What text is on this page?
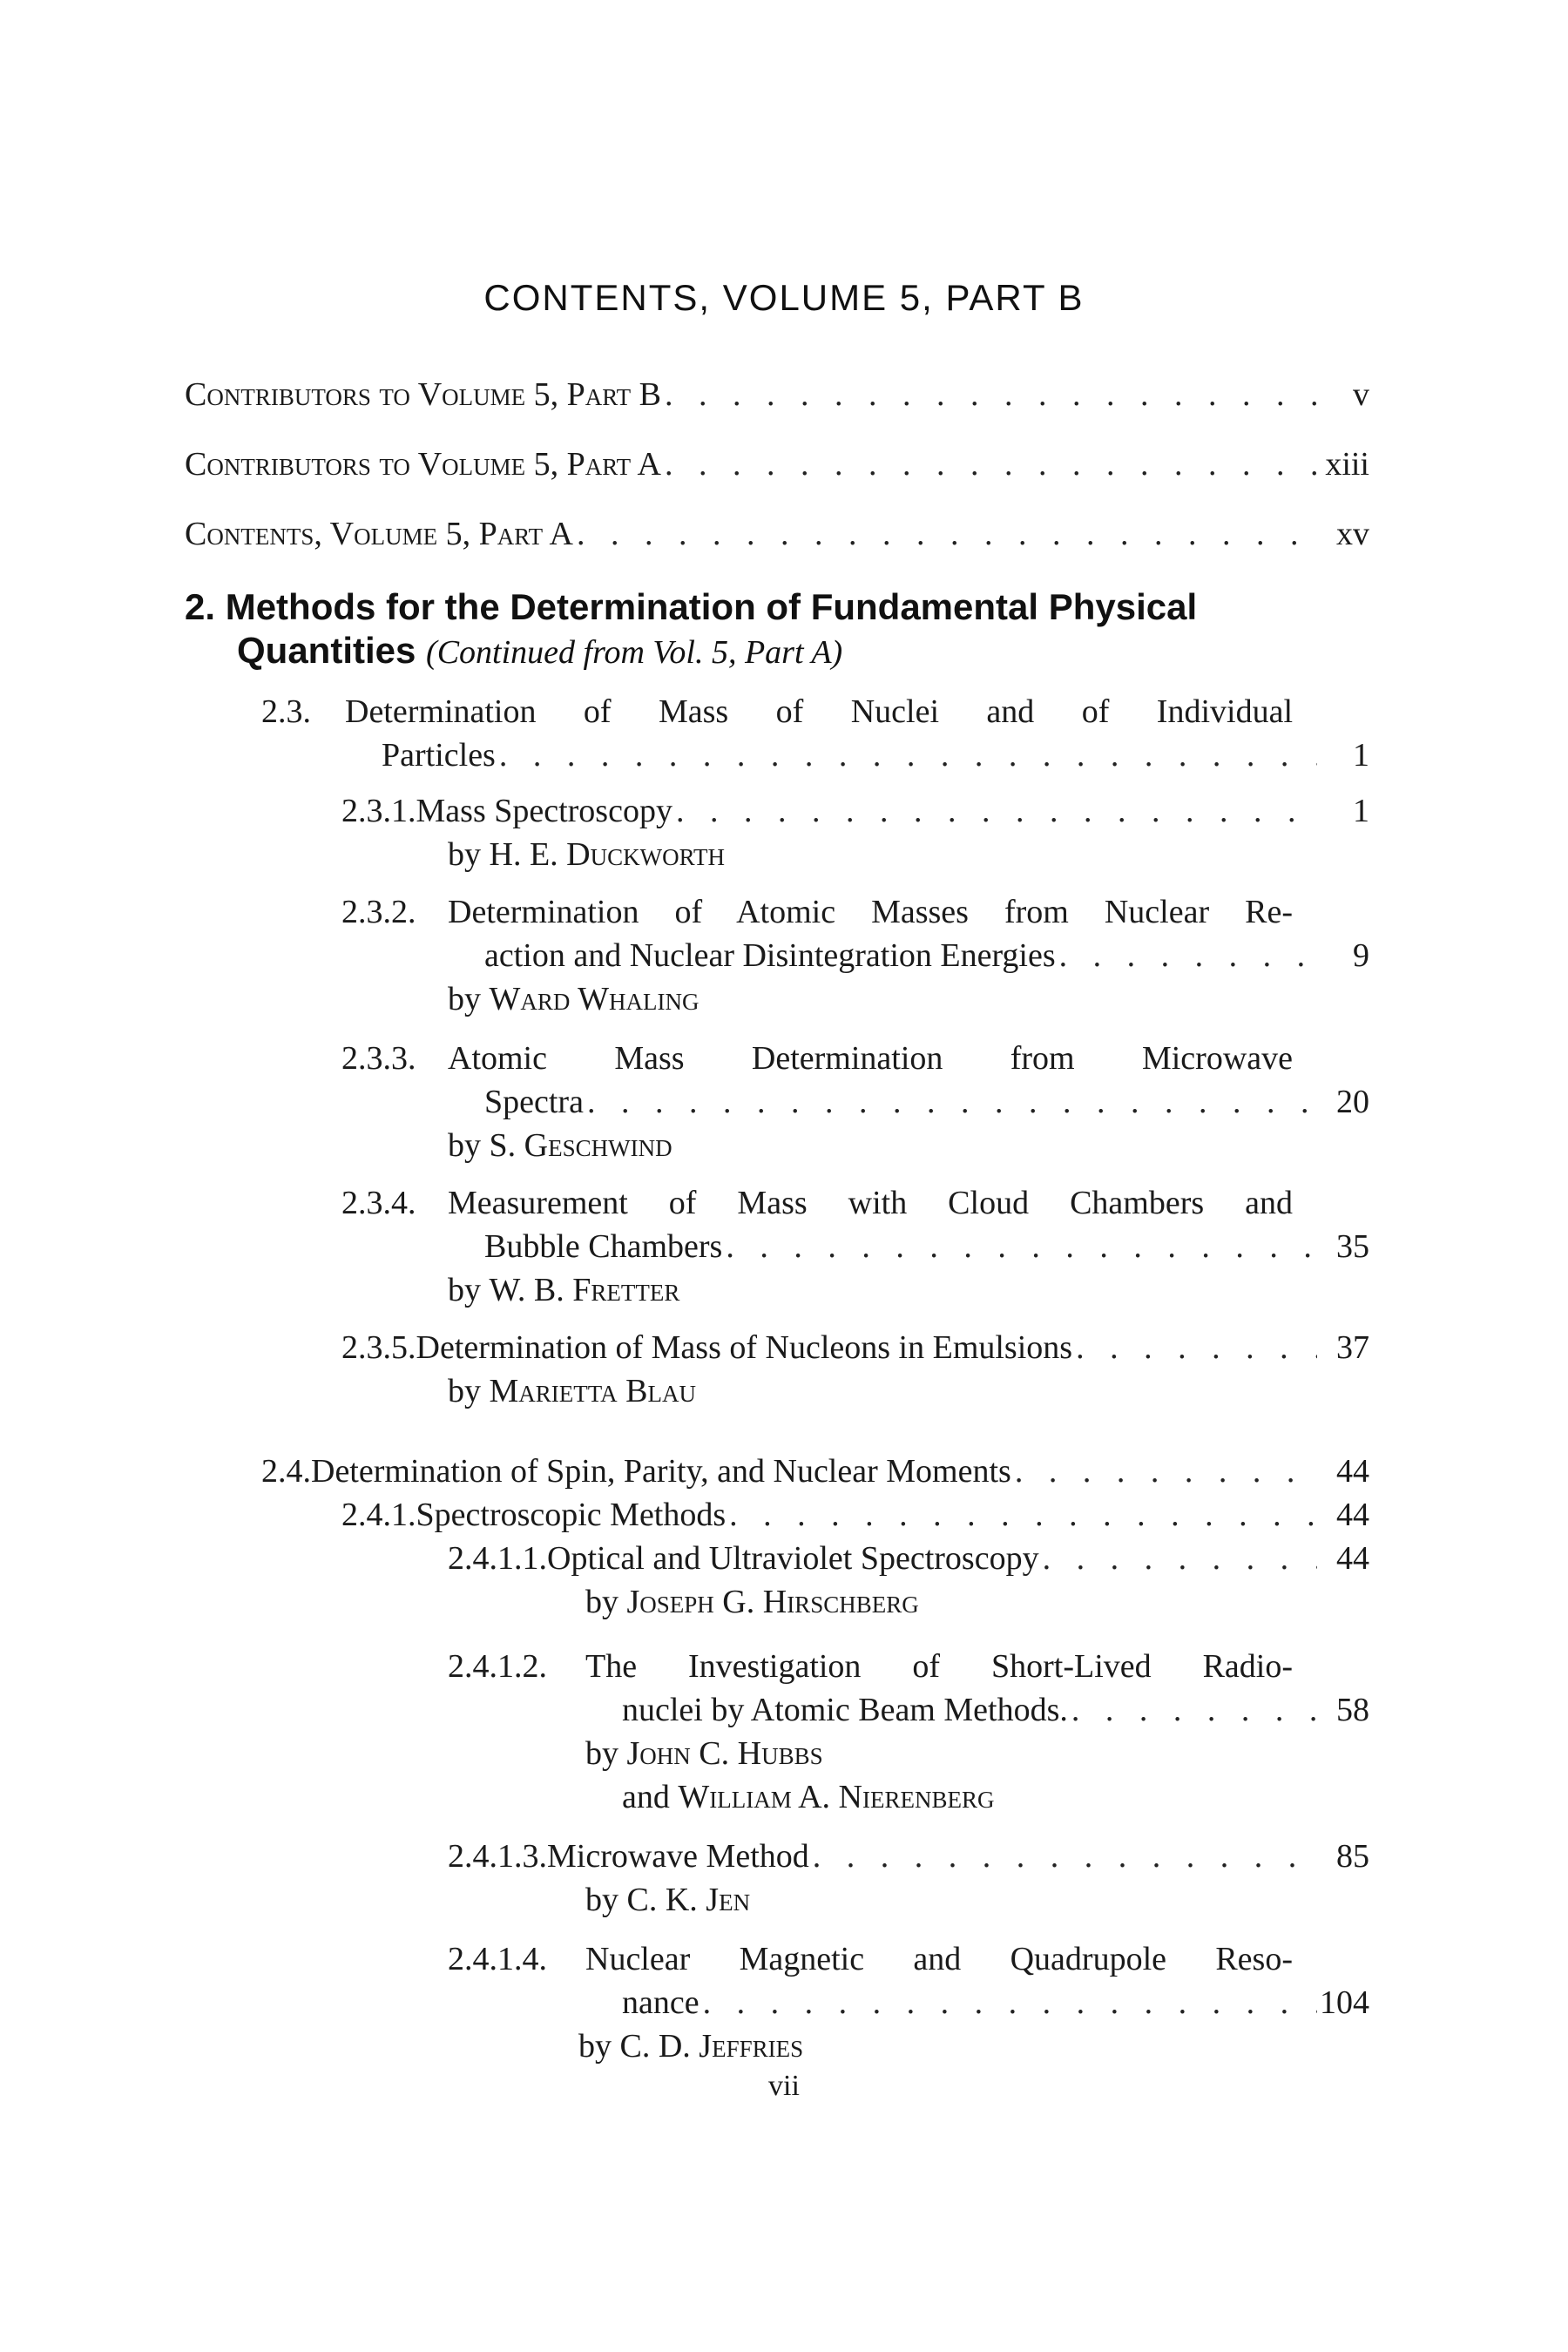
CONTENTS, VOLUME 5, PART B
Contributors to Volume 5, Part B . . .	v
Contributors to Volume 5, Part A . . .	xiii
Contents, Volume 5, Part A . . .	xv
2. Methods for the Determination of Fundamental Physical
Quantities (Continued from Vol. 5, Part A)
2.3. Determination of Mass of Nuclei and of Individual
Particles . . .	1
2.3.1. Mass Spectroscopy . . .	1
by H. E. Duckworth
2.3.2. Determination of Atomic Masses from Nuclear Re-
action and Nuclear Disintegration Energies . . .	9
by Ward Whaling
2.3.3. Atomic Mass Determination from Microwave
Spectra . . .	20
by S. Geschwind
2.3.4. Measurement of Mass with Cloud Chambers and
Bubble Chambers . . .	35
by W. B. Fretter
2.3.5. Determination of Mass of Nucleons in Emulsions . . .	37
by Marietta Blau
2.4. Determination of Spin, Parity, and Nuclear Moments . . .	44
2.4.1. Spectroscopic Methods . . .	44
2.4.1.1. Optical and Ultraviolet Spectroscopy . . .	44
by Joseph G. Hirschberg
2.4.1.2. The Investigation of Short-Lived Radio-
nuclei by Atomic Beam Methods. . . .	58
by John C. Hubbs
and William A. Nierenberg
2.4.1.3. Microwave Method . . .	85
by C. K. Jen
2.4.1.4. Nuclear Magnetic and Quadrupole Reso-
nance . . .	104
by C. D. Jeffries
vii
